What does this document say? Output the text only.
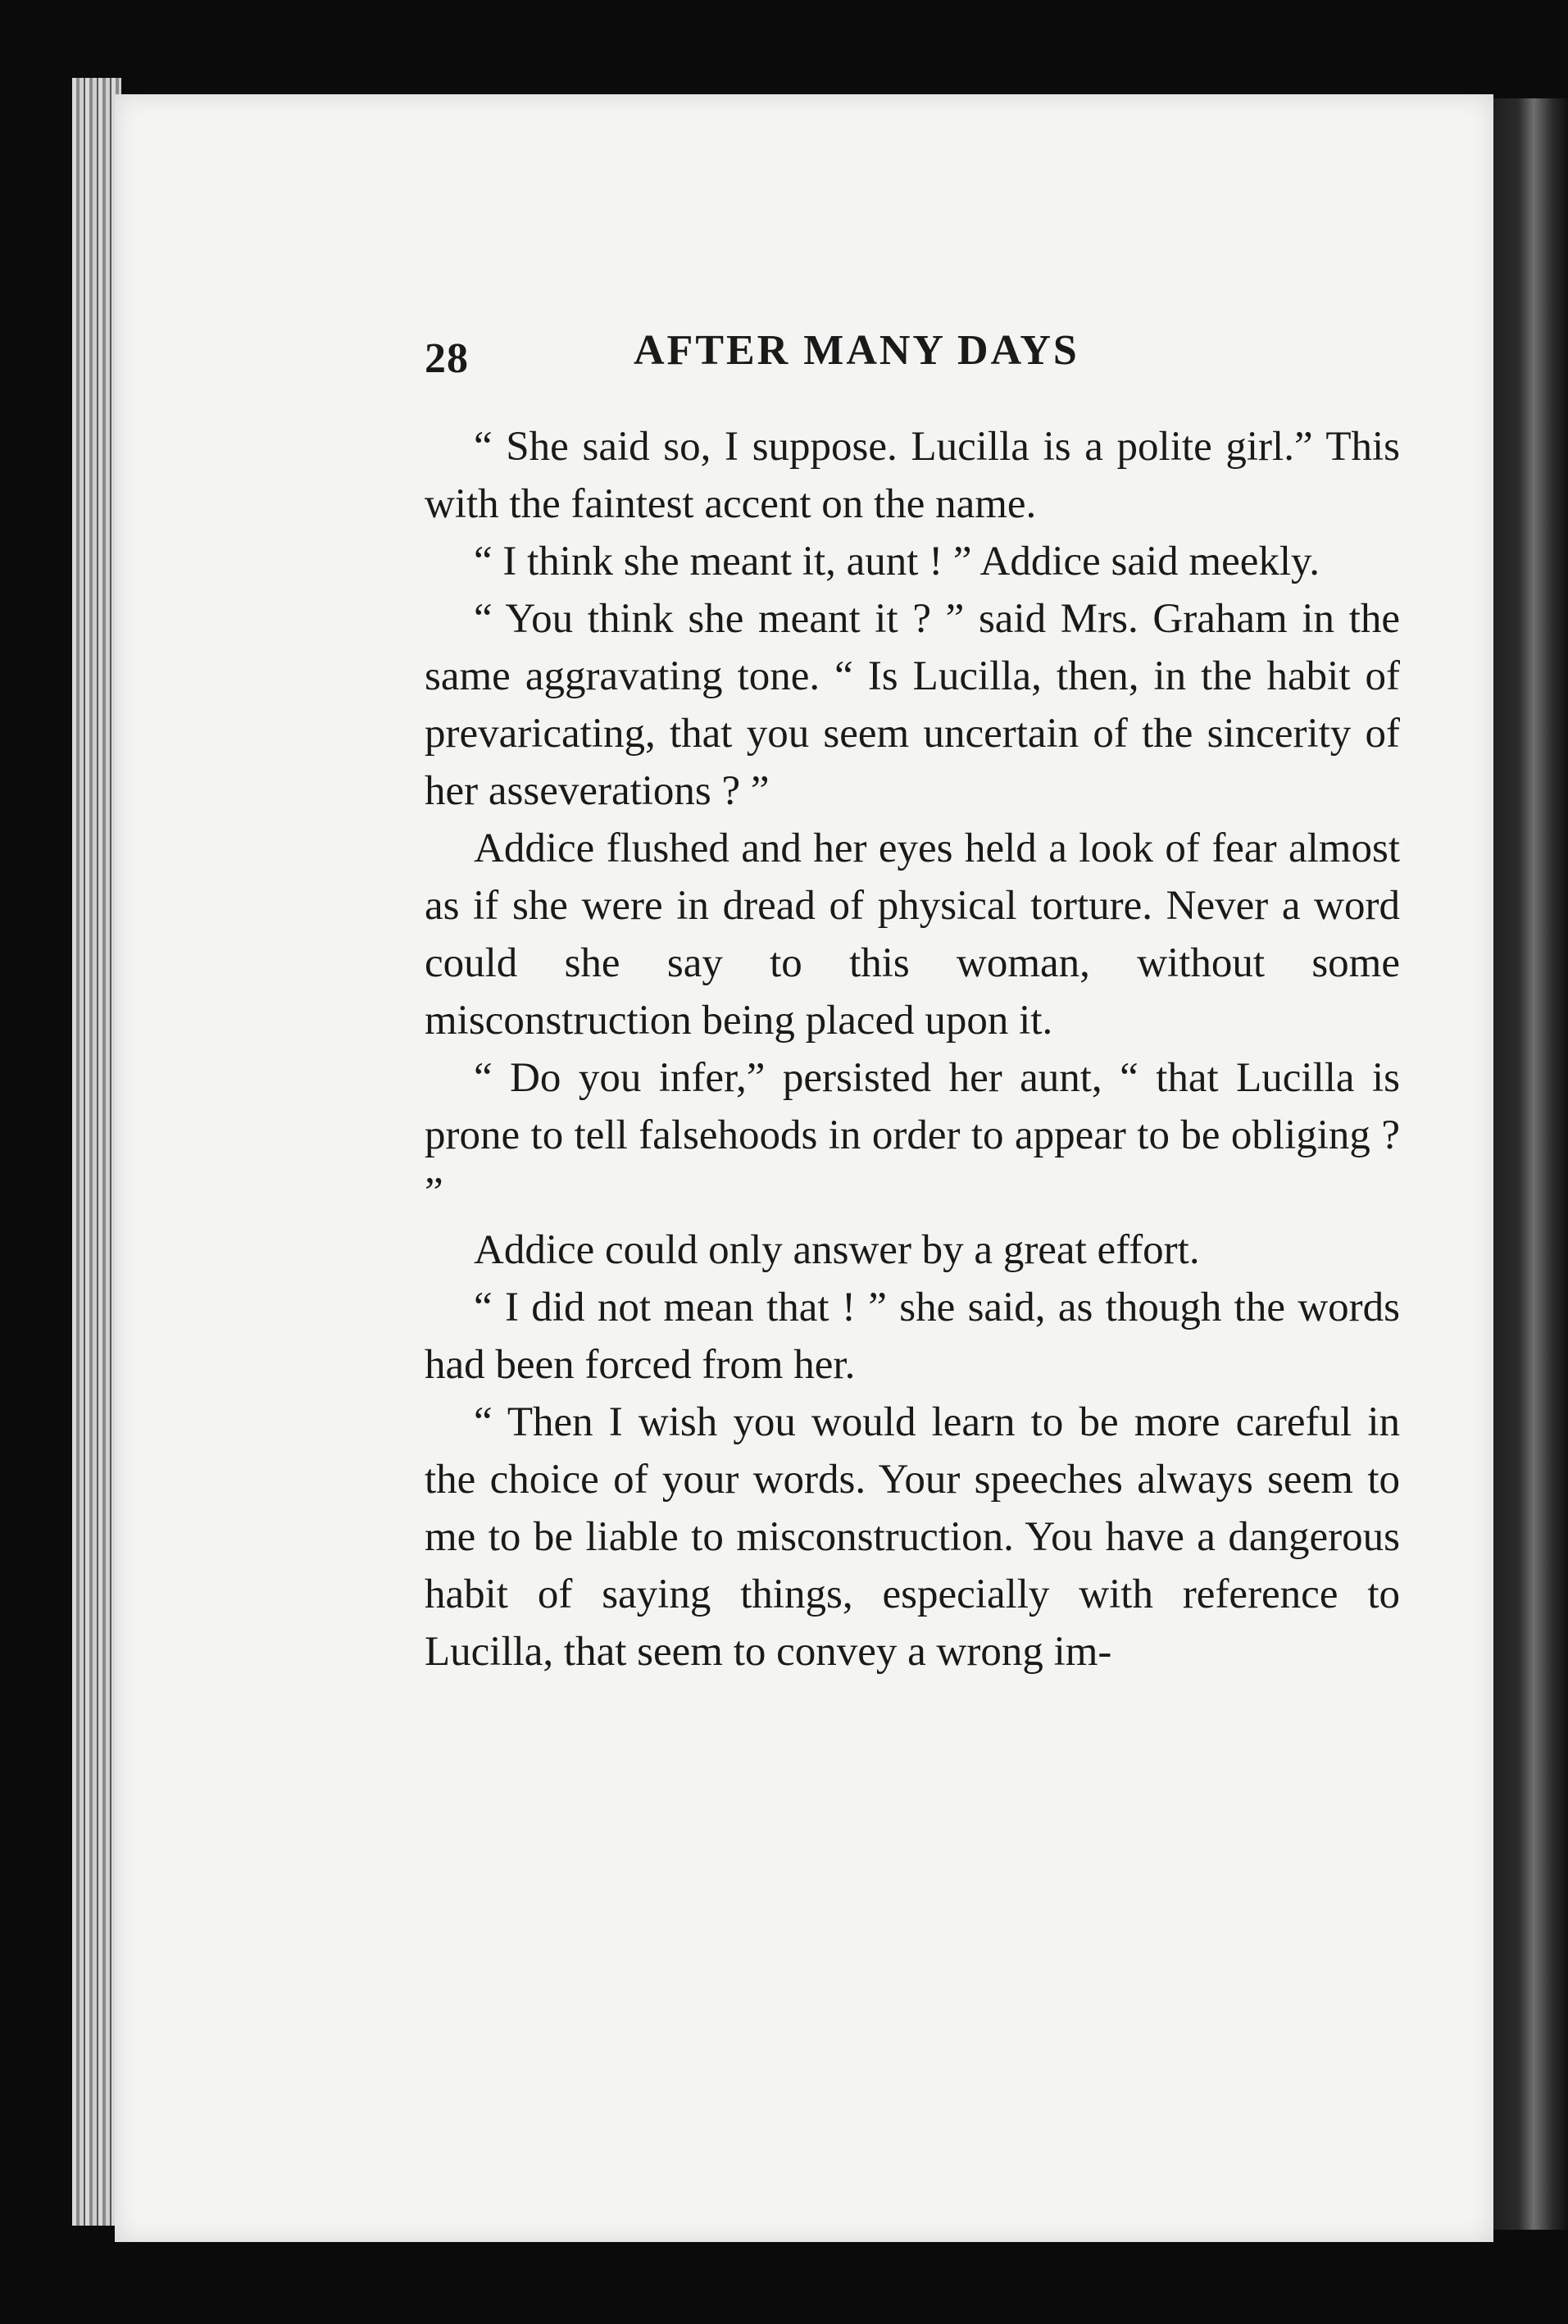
28	AFTER MANY DAYS

“ She said so, I suppose. Lucilla is a polite girl.” This with the faintest accent on the name.

“ I think she meant it, aunt ! ” Addice said meekly.

“ You think she meant it ? ” said Mrs. Graham in the same aggravating tone. “ Is Lucilla, then, in the habit of prevaricating, that you seem uncertain of the sincerity of her asseverations ? ”

Addice flushed and her eyes held a look of fear almost as if she were in dread of physical torture. Never a word could she say to this woman, without some misconstruction being placed upon it.

“ Do you infer,” persisted her aunt, “ that Lucilla is prone to tell falsehoods in order to appear to be obliging ? ”

Addice could only answer by a great effort.

“ I did not mean that ! ” she said, as though the words had been forced from her.

“ Then I wish you would learn to be more careful in the choice of your words. Your speeches always seem to me to be liable to misconstruction. You have a dangerous habit of saying things, especially with reference to Lucilla, that seem to convey a wrong im-
